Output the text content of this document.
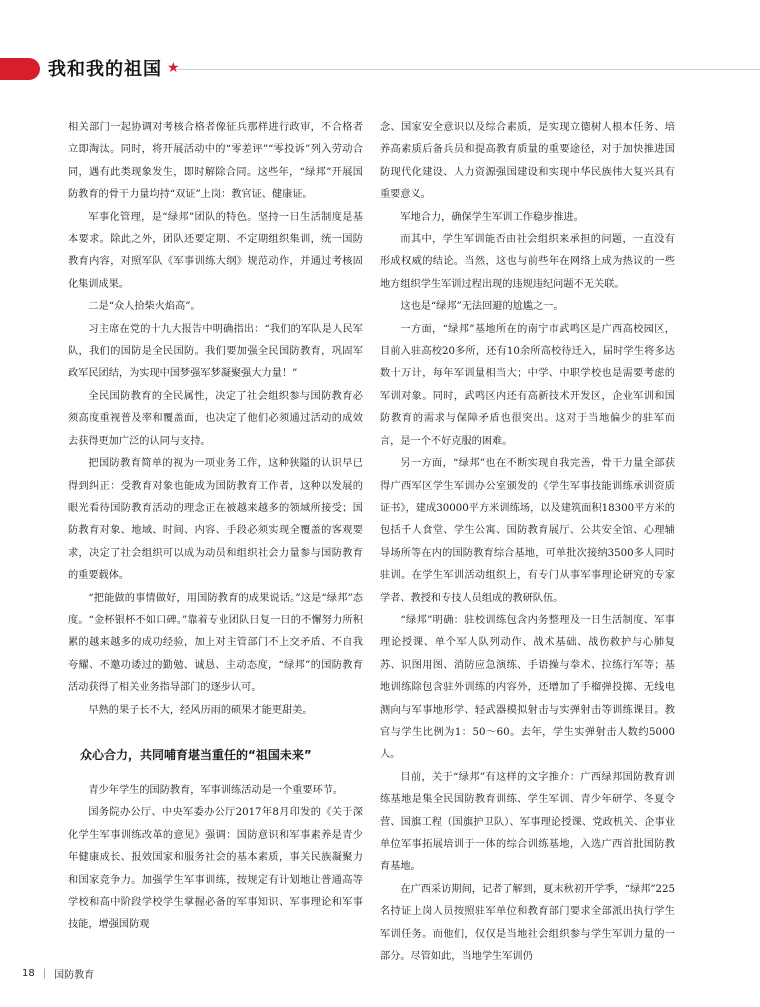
我和我的祖国 ★

相关部门一起协调对考核合格者像征兵那样进行政审，不合格者立即淘汰。同时，将开展活动中的“零差评”“零投诉”列入劳动合同，遇有此类现象发生，即时解除合同。这些年，“绿邦”开展国防教育的骨干力量均持“双证”上岗：教官证、健康证。

军事化管理，是“绿邦”团队的特色。坚持一日生活制度是基本要求。除此之外，团队还要定期、不定期组织集训，统一国防教育内容，对照军队《军事训练大纲》规范动作，并通过考核固化集训成果。

二是“众人拾柴火焰高”。

习主席在党的十九大报告中明确指出：“我们的军队是人民军队，我们的国防是全民国防。我们要加强全民国防教育，巩固军政军民团结，为实现中国梦强军梦凝聚强大力量！”

全民国防教育的全民属性，决定了社会组织参与国防教育必须高度重视普及率和覆盖面，也决定了他们必须通过活动的成效去获得更加广泛的认同与支持。

把国防教育简单的视为一项业务工作，这种狭隘的认识早已得到纠正：受教育对象也能成为国防教育工作者，这种以发展的眼光看待国防教育活动的理念正在被越来越多的领域所接受；国防教育对象、地域、时间、内容、手段必须实现全覆盖的客观要求，决定了社会组织可以成为动员和组织社会力量参与国防教育的重要载体。

“把能做的事情做好，用国防教育的成果说话。”这是“绿邦”态度。“金杯银杯不如口碑。”靠着专业团队日复一日的不懈努力所积累的越来越多的成功经验，加上对主管部门不上交矛盾、不自我夸耀、不邀功诿过的勤勉、诚恳、主动态度，“绿邦”的国防教育活动获得了相关业务指导部门的逐步认可。

早熟的果子长不大，经风历雨的硕果才能更甜美。

众心合力，共同哺育堪当重任的“祖国未来”

青少年学生的国防教育，军事训练活动是一个重要环节。

国务院办公厅、中央军委办公厅2017年8月印发的《关于深化学生军事训练改革的意见》强调：国防意识和军事素养是青少年健康成长、报效国家和服务社会的基本素质，事关民族凝聚力和国家竞争力。加强学生军事训练，按规定有计划地让普通高等学校和高中阶段学校学生掌握必备的军事知识、军事理论和军事技能，增强国防观

念、国家安全意识以及综合素质，是实现立德树人根本任务、培养高素质后备兵员和提高教育质量的重要途径，对于加快推进国防现代化建设、人力资源强国建设和实现中华民族伟大复兴具有重要意义。

军地合力，确保学生军训工作稳步推进。

而其中，学生军训能否由社会组织来承担的问题，一直没有形成权威的结论。当然，这也与前些年在网络上成为热议的一些地方组织学生军训过程出现的违规违纪问题不无关联。

这也是“绿邦”无法回避的尬尴之一。

一方面，“绿邦”基地所在的南宁市武鸣区是广西高校园区，目前入驻高校20多所，还有10余所高校待迁入，届时学生将多达数十万计，每年军训量相当大；中学、中职学校也是需要考虑的军训对象。同时，武鸣区内还有高新技术开发区，企业军训和国防教育的需求与保障矛盾也很突出。这对于当地偏少的驻军而言，是一个不好克服的困难。

另一方面，“绿邦”也在不断实现自我完善，骨干力量全部获得广西军区学生军训办公室颁发的《学生军事技能训练承训资质证书》，建成30000平方米训练场，以及建筑面积18300平方米的包括千人食堂、学生公寓、国防教育展厅、公共安全馆、心理辅导场所等在内的国防教育综合基地，可单批次接纳3500多人同时驻训。在学生军训活动组织上，有专门从事军事理论研究的专家学者、教授和专技人员组成的教研队伍。

“绿邦”明确：驻校训练包含内务整理及一日生活制度、军事理论授课、单个军人队列动作、战术基础、战伤救护与心肺复苏、识图用图、消防应急演练、手语操与拳术、拉练行军等；基地训练除包含驻外训练的内容外，还增加了手榴弹投掷、无线电测向与军事地形学、轻武器模拟射击与实弹射击等训练课目。教官与学生比例为1：50～60。去年，学生实弹射击人数约5000人。

目前，关于“绿邦”有这样的文字推介：广西绿邦国防教育训练基地是集全民国防教育训练、学生军训、青少年研学、冬夏令营、国旗工程（国旗护卫队）、军事理论授课、党政机关、企事业单位军事拓展培训于一体的综合训练基地，入选广西首批国防教育基地。

在广西采访期间，记者了解到，夏末秋初开学季，“绿邦”225名持证上岗人员按照驻军单位和教育部门要求全部派出执行学生军训任务。而他们，仅仅是当地社会组织参与学生军训力量的一部分。尽管如此，当地学生军训仍

18 | 国防教育
